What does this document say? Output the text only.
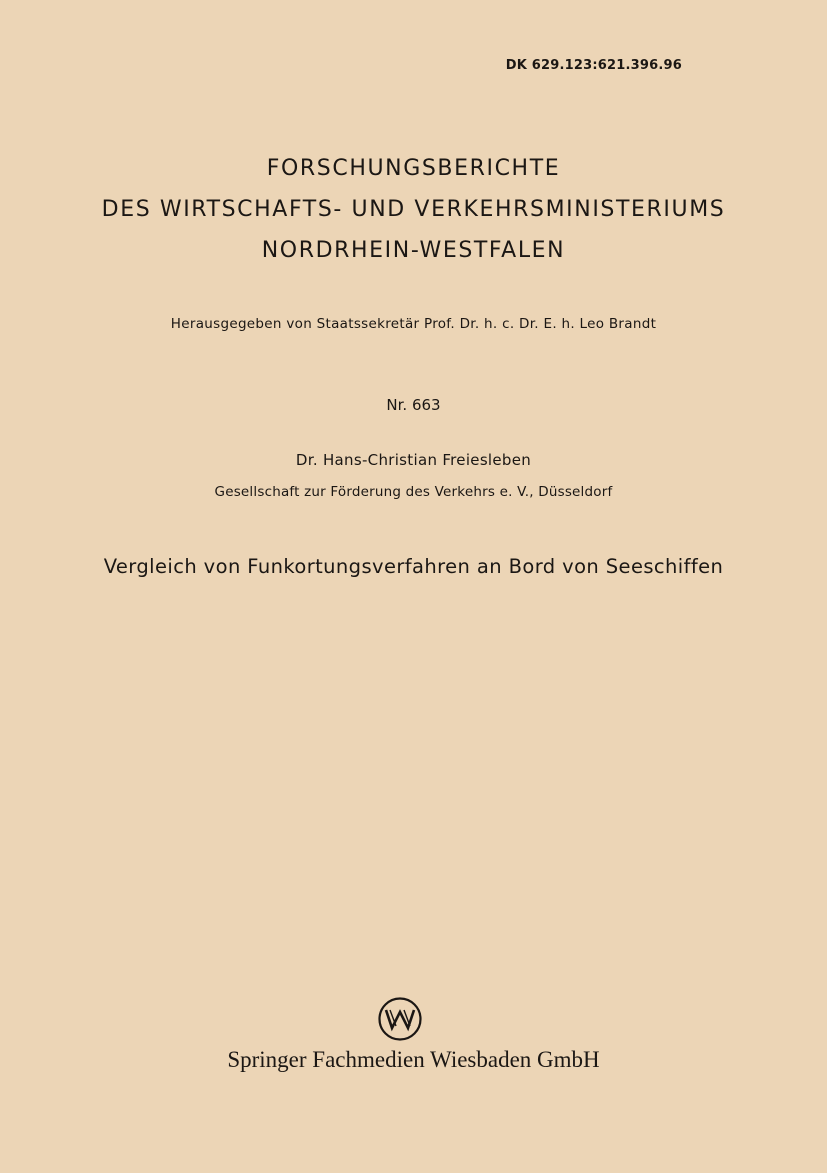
DK 629.123:621.396.96
FORSCHUNGSBERICHTE
DES WIRTSCHAFTS- UND VERKEHRSMINISTERIUMS
NORDRHEIN-WESTFALEN
Herausgegeben von Staatssekretär Prof. Dr. h. c. Dr. E. h. Leo Brandt
Nr. 663
Dr. Hans-Christian Freiesleben
Gesellschaft zur Förderung des Verkehrs e. V., Düsseldorf
Vergleich von Funkortungsverfahren an Bord von Seeschiffen
Springer Fachmedien Wiesbaden GmbH
